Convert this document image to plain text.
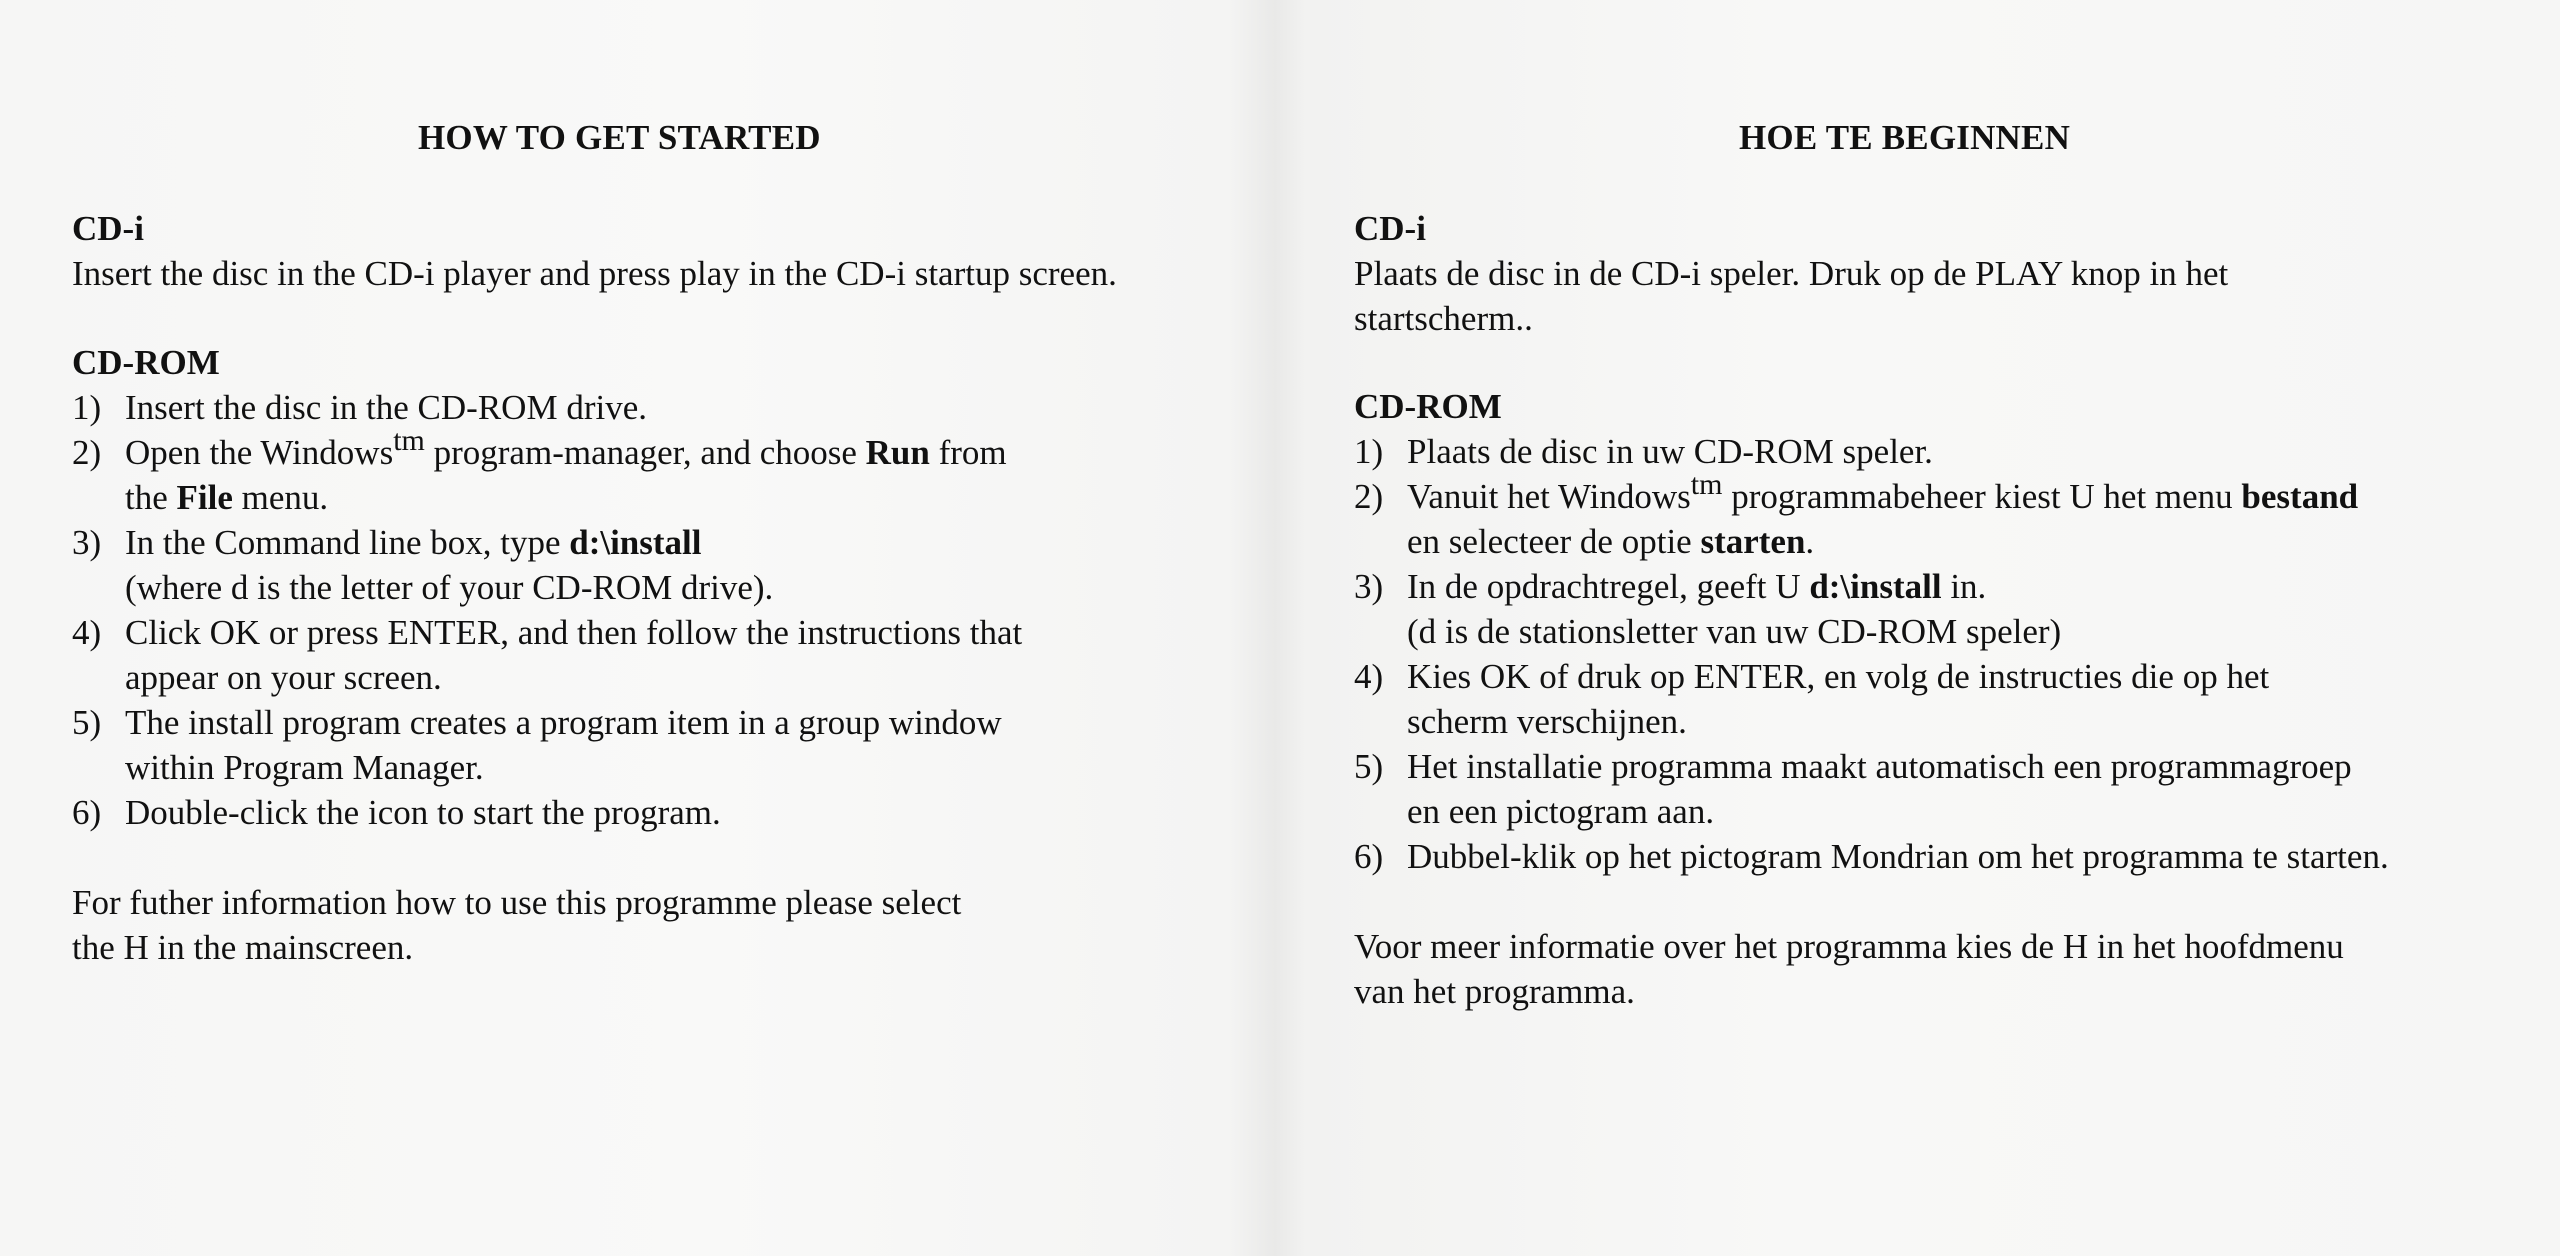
HOW TO GET STARTED

CD-i

Insert the disc in the CD-i player and press play in the CD-i startup screen.

CD-ROM

1) Insert the disc in the CD-ROM drive.
2) Open the Windows$^{tm}$ program-manager, and choose Run from
the File menu.
3) In the Command line box, type d:\install
(where d is the letter of your CD-ROM drive).
4) Click OK or press ENTER, and then follow the instructions that
appear on your screen.
5) The install program creates a program item in a group window
within Program Manager.
6) Double-click the icon to start the program.
For futher information how to use this programme please select
the H in the mainscreen.
HOE TE BEGINNEN

CD-i

Plaats de disc in de CD-i speler. Druk op de PLAY knop in het
startscherm..

CD-ROM

1) Plaats de disc in uw CD-ROM speler.
2) Vanuit het Windows$^{tm}$ programmabeheer kiest U het menu bestand
en selecteer de optie starten.
3) In de opdrachtregel, geeft U d:\install in.
(d is de stationsletter van uw CD-ROM speler)
4) Kies OK of druk op ENTER, en volg de instructies die op het
scherm verschijnen.
5) Het installatie programma maakt automatisch een programmagroep
en een pictogram aan.
6) Dubbel-klik op het pictogram Mondrian om het programma te starten.
Voor meer informatie over het programma kies de H in het hoofdmenu
van het programma.
